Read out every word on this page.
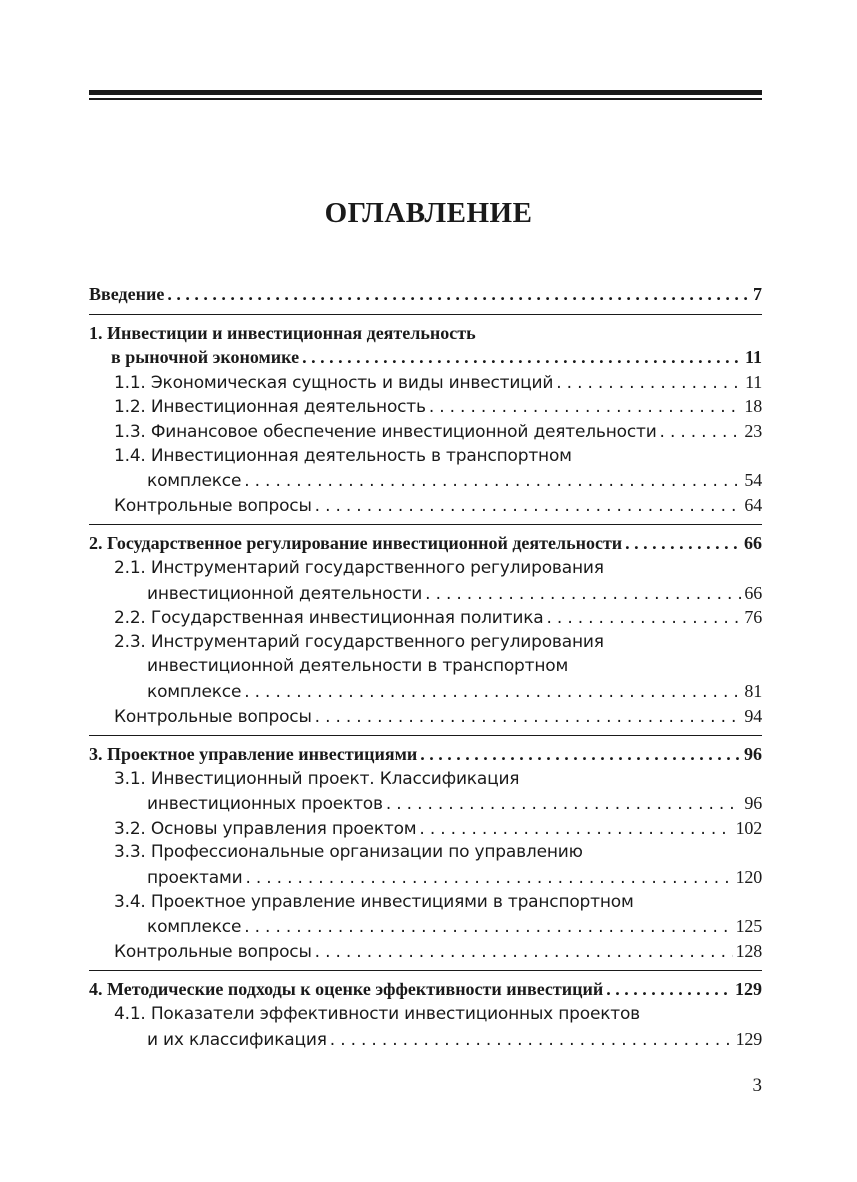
ОГЛАВЛЕНИЕ
Введение . . .	7
1. Инвестиции и инвестиционная деятельность
в рыночной экономике . . .	11
1.1. Экономическая сущность и виды инвестиций . . .	11
1.2. Инвестиционная деятельность . . .	18
1.3. Финансовое обеспечение инвестиционной деятельности . . .	23
1.4. Инвестиционная деятельность в транспортном
комплексе . . .	54
Контрольные вопросы . . .	64
2. Государственное регулирование инвестиционной деятельности . . .	66
2.1. Инструментарий государственного регулирования
инвестиционной деятельности . . .	66
2.2. Государственная инвестиционная политика . . .	76
2.3. Инструментарий государственного регулирования
инвестиционной деятельности в транспортном
комплексе . . .	81
Контрольные вопросы . . .	94
3. Проектное управление инвестициями . . .	96
3.1. Инвестиционный проект. Классификация
инвестиционных проектов . . .	96
3.2. Основы управления проектом . . .	102
3.3. Профессиональные организации по управлению
проектами . . .	120
3.4. Проектное управление инвестициями в транспортном
комплексе . . .	125
Контрольные вопросы . . .	128
4. Методические подходы к оценке эффективности инвестиций . . .	129
4.1. Показатели эффективности инвестиционных проектов
и их классификация . . .	129
3
